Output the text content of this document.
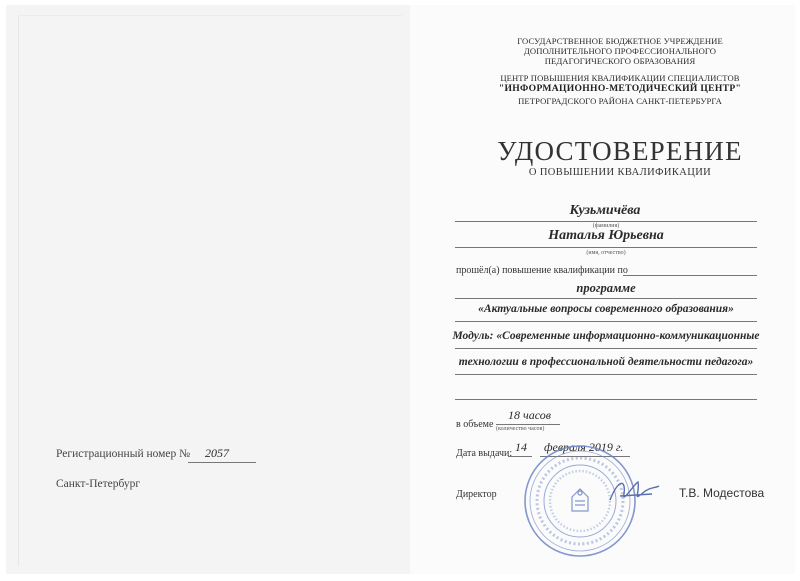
Регистрационный номер № 2057
Санкт-Петербург
ГОСУДАРСТВЕННОЕ БЮДЖЕТНОЕ УЧРЕЖДЕНИЕ
ДОПОЛНИТЕЛЬНОГО ПРОФЕССИОНАЛЬНОГО
ПЕДАГОГИЧЕСКОГО ОБРАЗОВАНИЯ
ЦЕНТР ПОВЫШЕНИЯ КВАЛИФИКАЦИИ СПЕЦИАЛИСТОВ
"ИНФОРМАЦИОННО-МЕТОДИЧЕСКИЙ ЦЕНТР"
ПЕТРОГРАДСКОГО РАЙОНА САНКТ-ПЕТЕРБУРГА
УДОСТОВЕРЕНИЕ
О ПОВЫШЕНИИ КВАЛИФИКАЦИИ
Кузьмичёва
(фамилия)
Наталья Юрьевна
(имя, отчество)
прошёл(а) повышение квалификации по
программе
«Актуальные вопросы современного образования»
Модуль: «Современные информационно-коммуникационные
технологии в профессиональной деятельности педагога»
в объеме
18 часов
(количество часов)
Дата выдачи: 14 февраля 2019 г.
Директор	Т.В. Модестова
